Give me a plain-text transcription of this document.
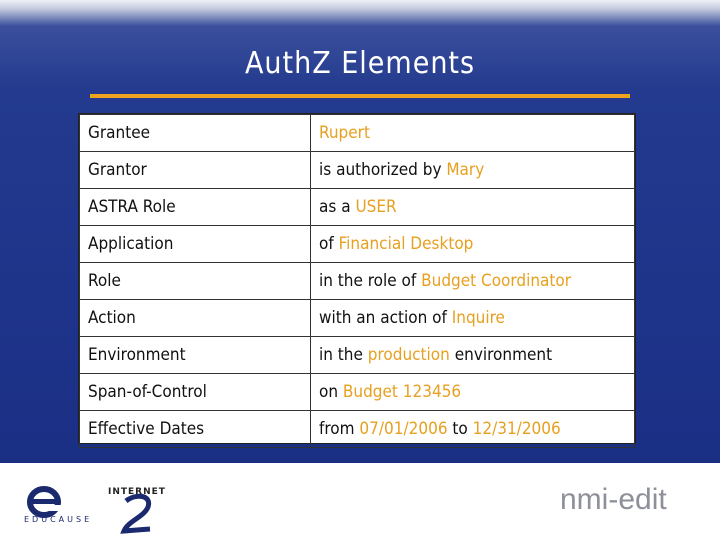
AuthZ Elements
Grantee	Rupert
Grantor	is authorized by Mary
ASTRA Role	as a USER
Application	of Financial Desktop
Role	in the role of Budget Coordinator
Action	with an action of Inquire
Environment	in the production environment
Span-of-Control	on Budget 123456
Effective Dates	from 07/01/2006 to 12/31/2006
EDUCAUSE
INTERNET	nmi-edit
